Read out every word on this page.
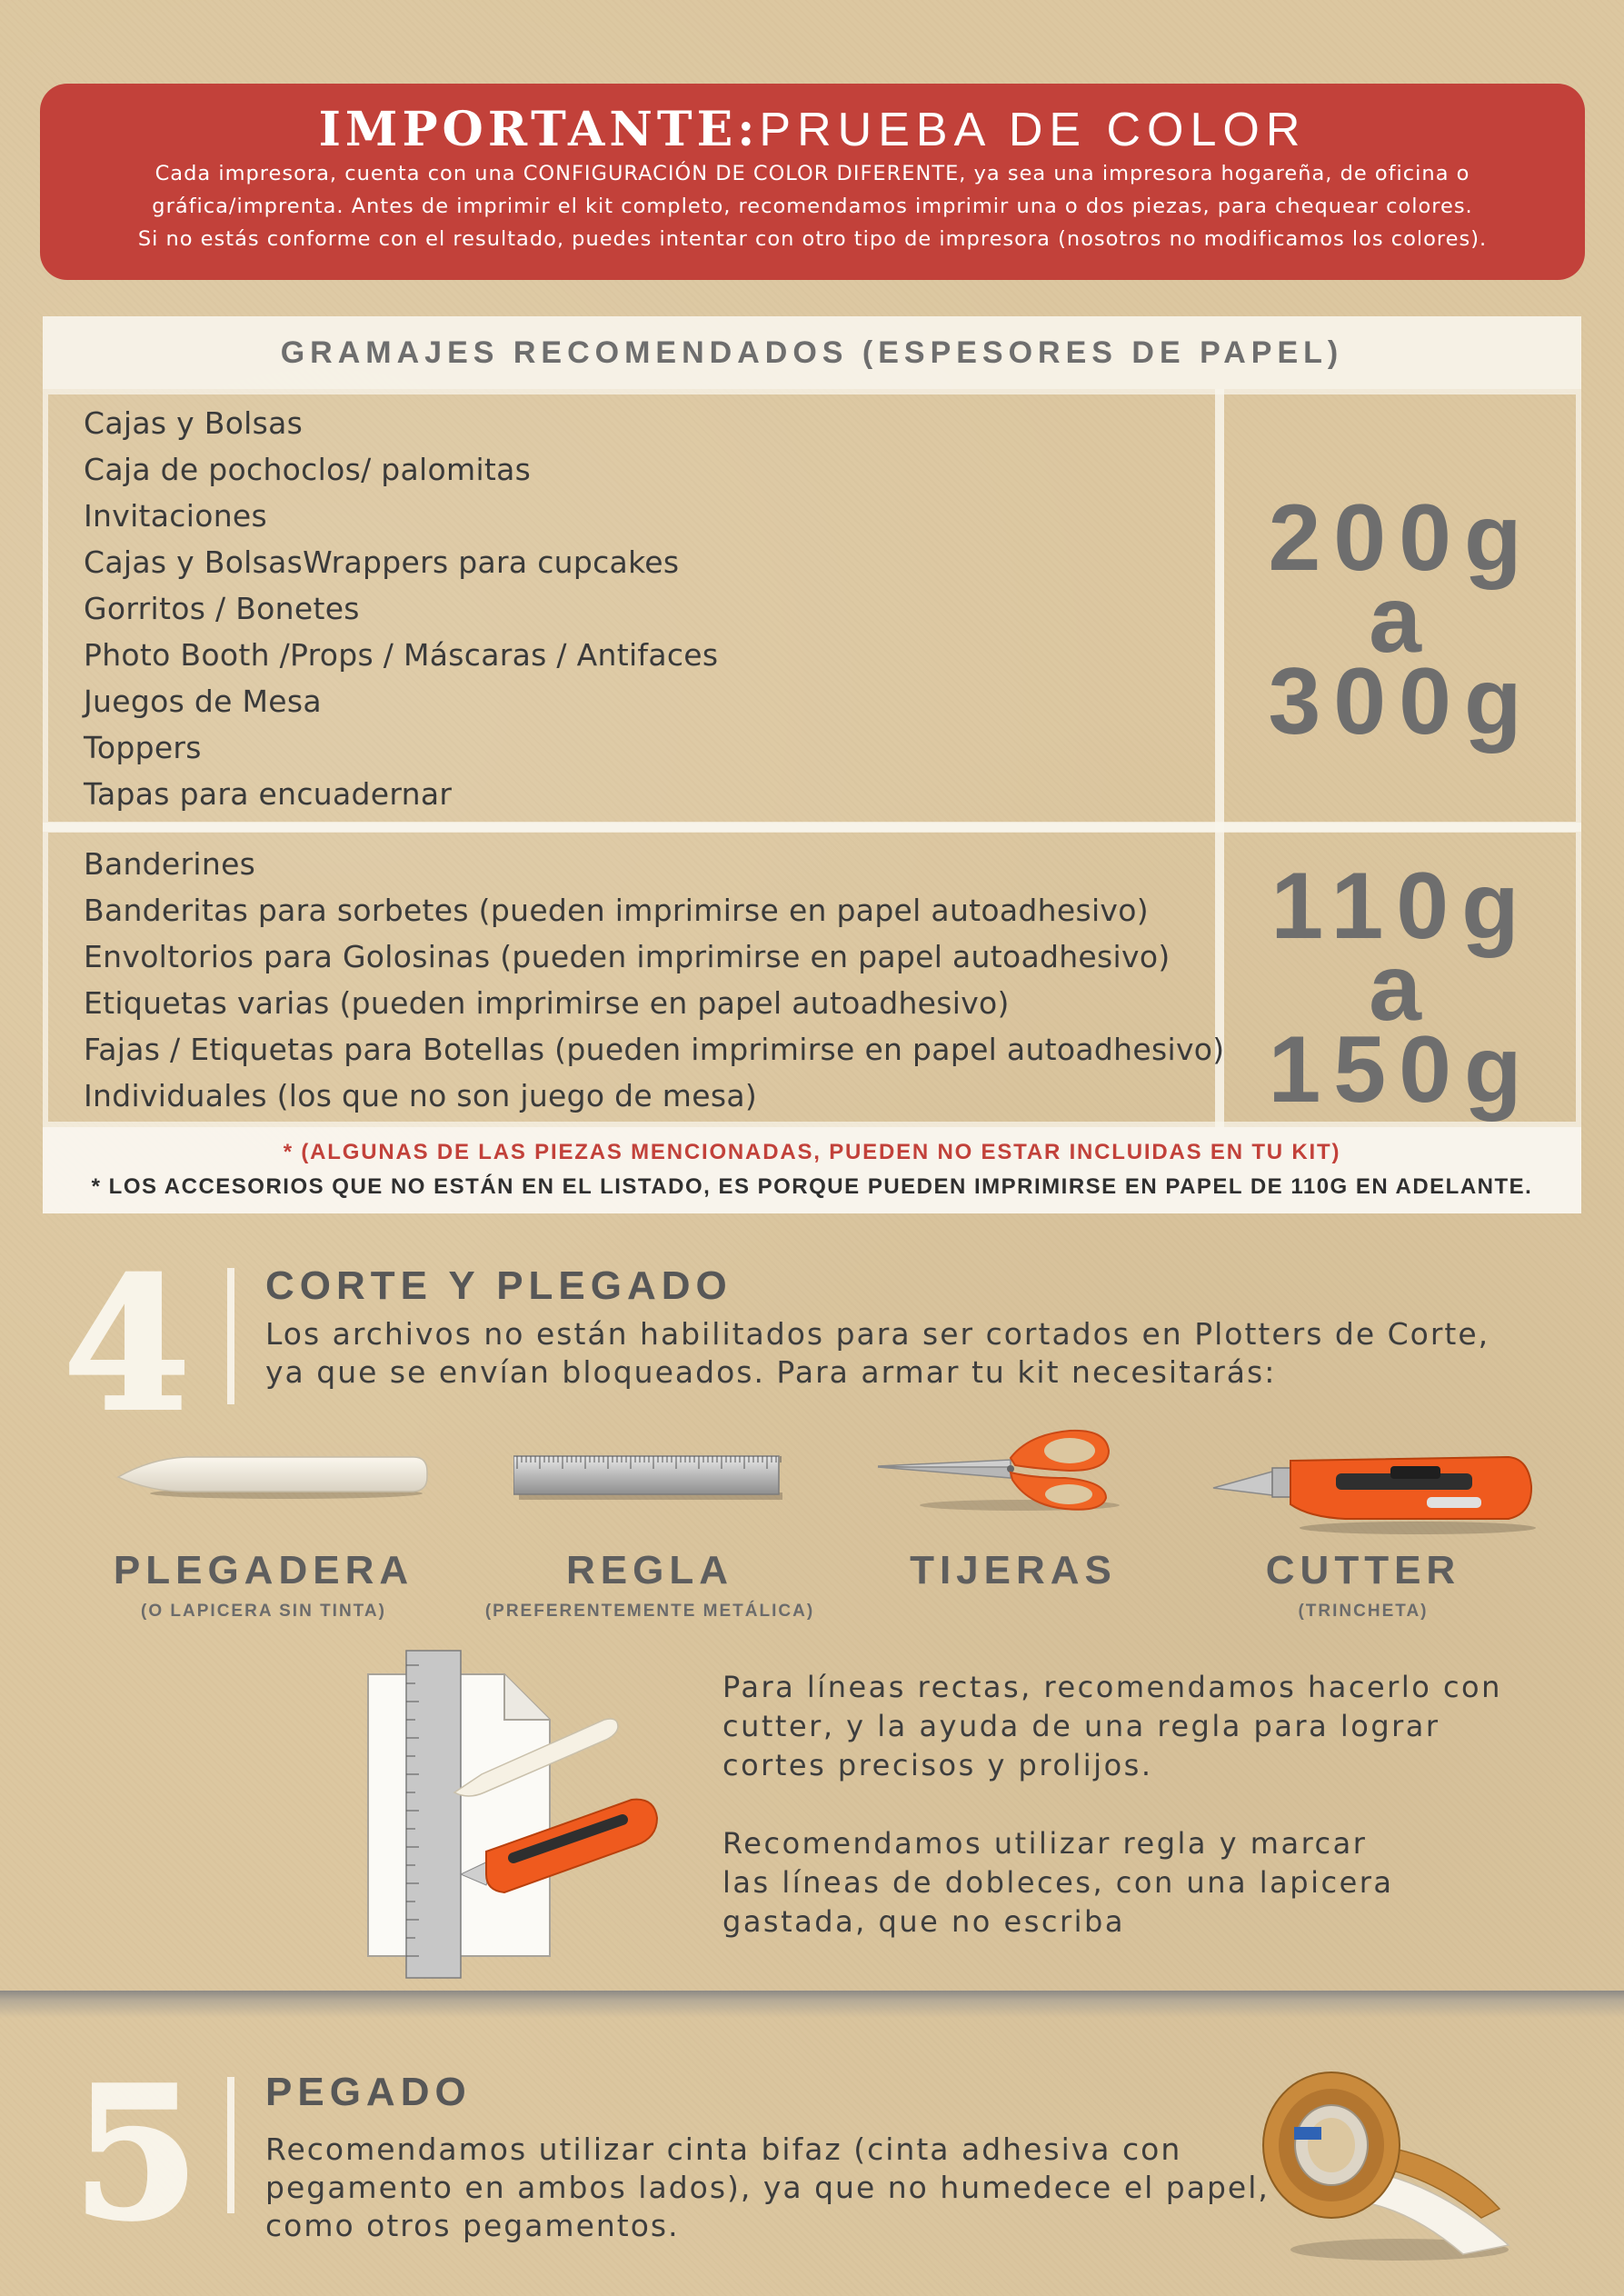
IMPORTANTE:PRUEBA DE COLOR
Cada impresora, cuenta con una CONFIGURACIÓN DE COLOR DIFERENTE, ya sea una impresora hogareña, de oficina o
gráfica/imprenta. Antes de imprimir el kit completo, recomendamos imprimir una o dos piezas, para chequear colores.
Si no estás conforme con el resultado, puedes intentar con otro tipo de impresora (nosotros no modificamos los colores).
GRAMAJES RECOMENDADOS (ESPESORES DE PAPEL)
Cajas y Bolsas
Caja de pochoclos/ palomitas
Invitaciones
Cajas y BolsasWrappers para cupcakes
Gorritos / Bonetes
Photo Booth /Props / Máscaras / Antifaces
Juegos de Mesa
Toppers
Tapas para encuadernar
200g
a
300g
Banderines
Banderitas para sorbetes (pueden imprimirse en papel autoadhesivo)
Envoltorios para Golosinas (pueden imprimirse en papel autoadhesivo)
Etiquetas varias (pueden imprimirse en papel autoadhesivo)
Fajas / Etiquetas para Botellas (pueden imprimirse en papel autoadhesivo)
Individuales (los que no son juego de mesa)
110g
a
150g
* (ALGUNAS DE LAS PIEZAS MENCIONADAS, PUEDEN NO ESTAR INCLUIDAS EN TU KIT)
* LOS ACCESORIOS QUE NO ESTÁN EN EL LISTADO, ES PORQUE PUEDEN IMPRIMIRSE EN PAPEL DE 110G EN ADELANTE.
4 CORTE Y PLEGADO
Los archivos no están habilitados para ser cortados en Plotters de Corte,
ya que se envían bloqueados. Para armar tu kit necesitarás:
PLEGADERA
(O LAPICERA SIN TINTA)
REGLA
(PREFERENTEMENTE METÁLICA)
TIJERAS	CUTTER
(TRINCHETA)
Para líneas rectas, recomendamos hacerlo con
cutter, y la ayuda de una regla para lograr
cortes precisos y prolijos.
Recomendamos utilizar regla y marcar
las líneas de dobleces, con una lapicera
gastada, que no escriba
5 PEGADO
Recomendamos utilizar cinta bifaz (cinta adhesiva con
pegamento en ambos lados), ya que no humedece el papel,
como otros pegamentos.
